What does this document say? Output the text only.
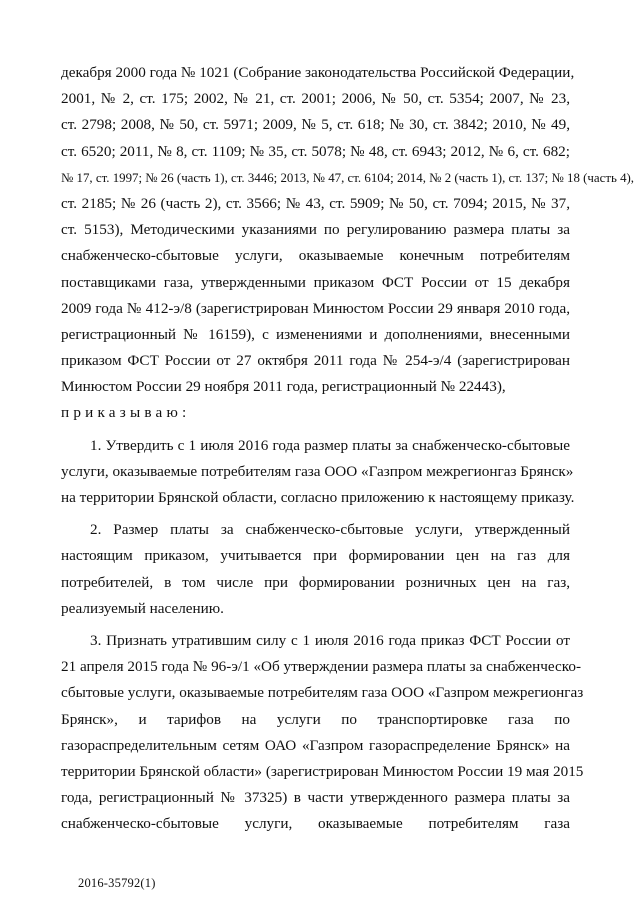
декабря 2000 года № 1021 (Собрание законодательства Российской Федерации,
2001, № 2, ст. 175; 2002, № 21, ст. 2001; 2006, № 50, ст. 5354; 2007, № 23,
ст. 2798; 2008, № 50, ст. 5971; 2009, № 5, ст. 618; № 30, ст. 3842; 2010, № 49,
ст. 6520; 2011, № 8, ст. 1109; № 35, ст. 5078; № 48, ст. 6943; 2012, № 6, ст. 682;
№ 17, ст. 1997; № 26 (часть 1), ст. 3446; 2013, № 47, ст. 6104; 2014, № 2 (часть 1), ст. 137; № 18 (часть 4),
ст. 2185; № 26 (часть 2), ст. 3566; № 43, ст. 5909; № 50, ст. 7094; 2015, № 37,
ст. 5153), Методическими указаниями по регулированию размера платы за
снабженческо-сбытовые услуги, оказываемые конечным потребителям
поставщиками газа, утвержденными приказом ФСТ России от 15 декабря
2009 года № 412-э/8 (зарегистрирован Минюстом России 29 января 2010 года,
регистрационный № 16159), с изменениями и дополнениями, внесенными
приказом ФСТ России от 27 октября 2011 года № 254-э/4 (зарегистрирован
Минюстом России 29 ноября 2011 года, регистрационный № 22443),
приказываю:
1. Утвердить с 1 июля 2016 года размер платы за снабженческо-сбытовые
услуги, оказываемые потребителям газа ООО «Газпром межрегионгаз Брянск»
на территории Брянской области, согласно приложению к настоящему приказу.
2. Размер платы за снабженческо-сбытовые услуги, утвержденный
настоящим приказом, учитывается при формировании цен на газ для
потребителей, в том числе при формировании розничных цен на газ,
реализуемый населению.
3. Признать утратившим силу с 1 июля 2016 года приказ ФСТ России от
21 апреля 2015 года № 96-э/1 «Об утверждении размера платы за снабженческо-
сбытовые услуги, оказываемые потребителям газа ООО «Газпром межрегионгаз
Брянск», и тарифов на услуги по транспортировке газа по
газораспределительным сетям ОАО «Газпром газораспределение Брянск» на
территории Брянской области» (зарегистрирован Минюстом России 19 мая 2015
года, регистрационный № 37325) в части утвержденного размера платы за
снабженческо-сбытовые услуги, оказываемые потребителям газа
2016-35792(1)
